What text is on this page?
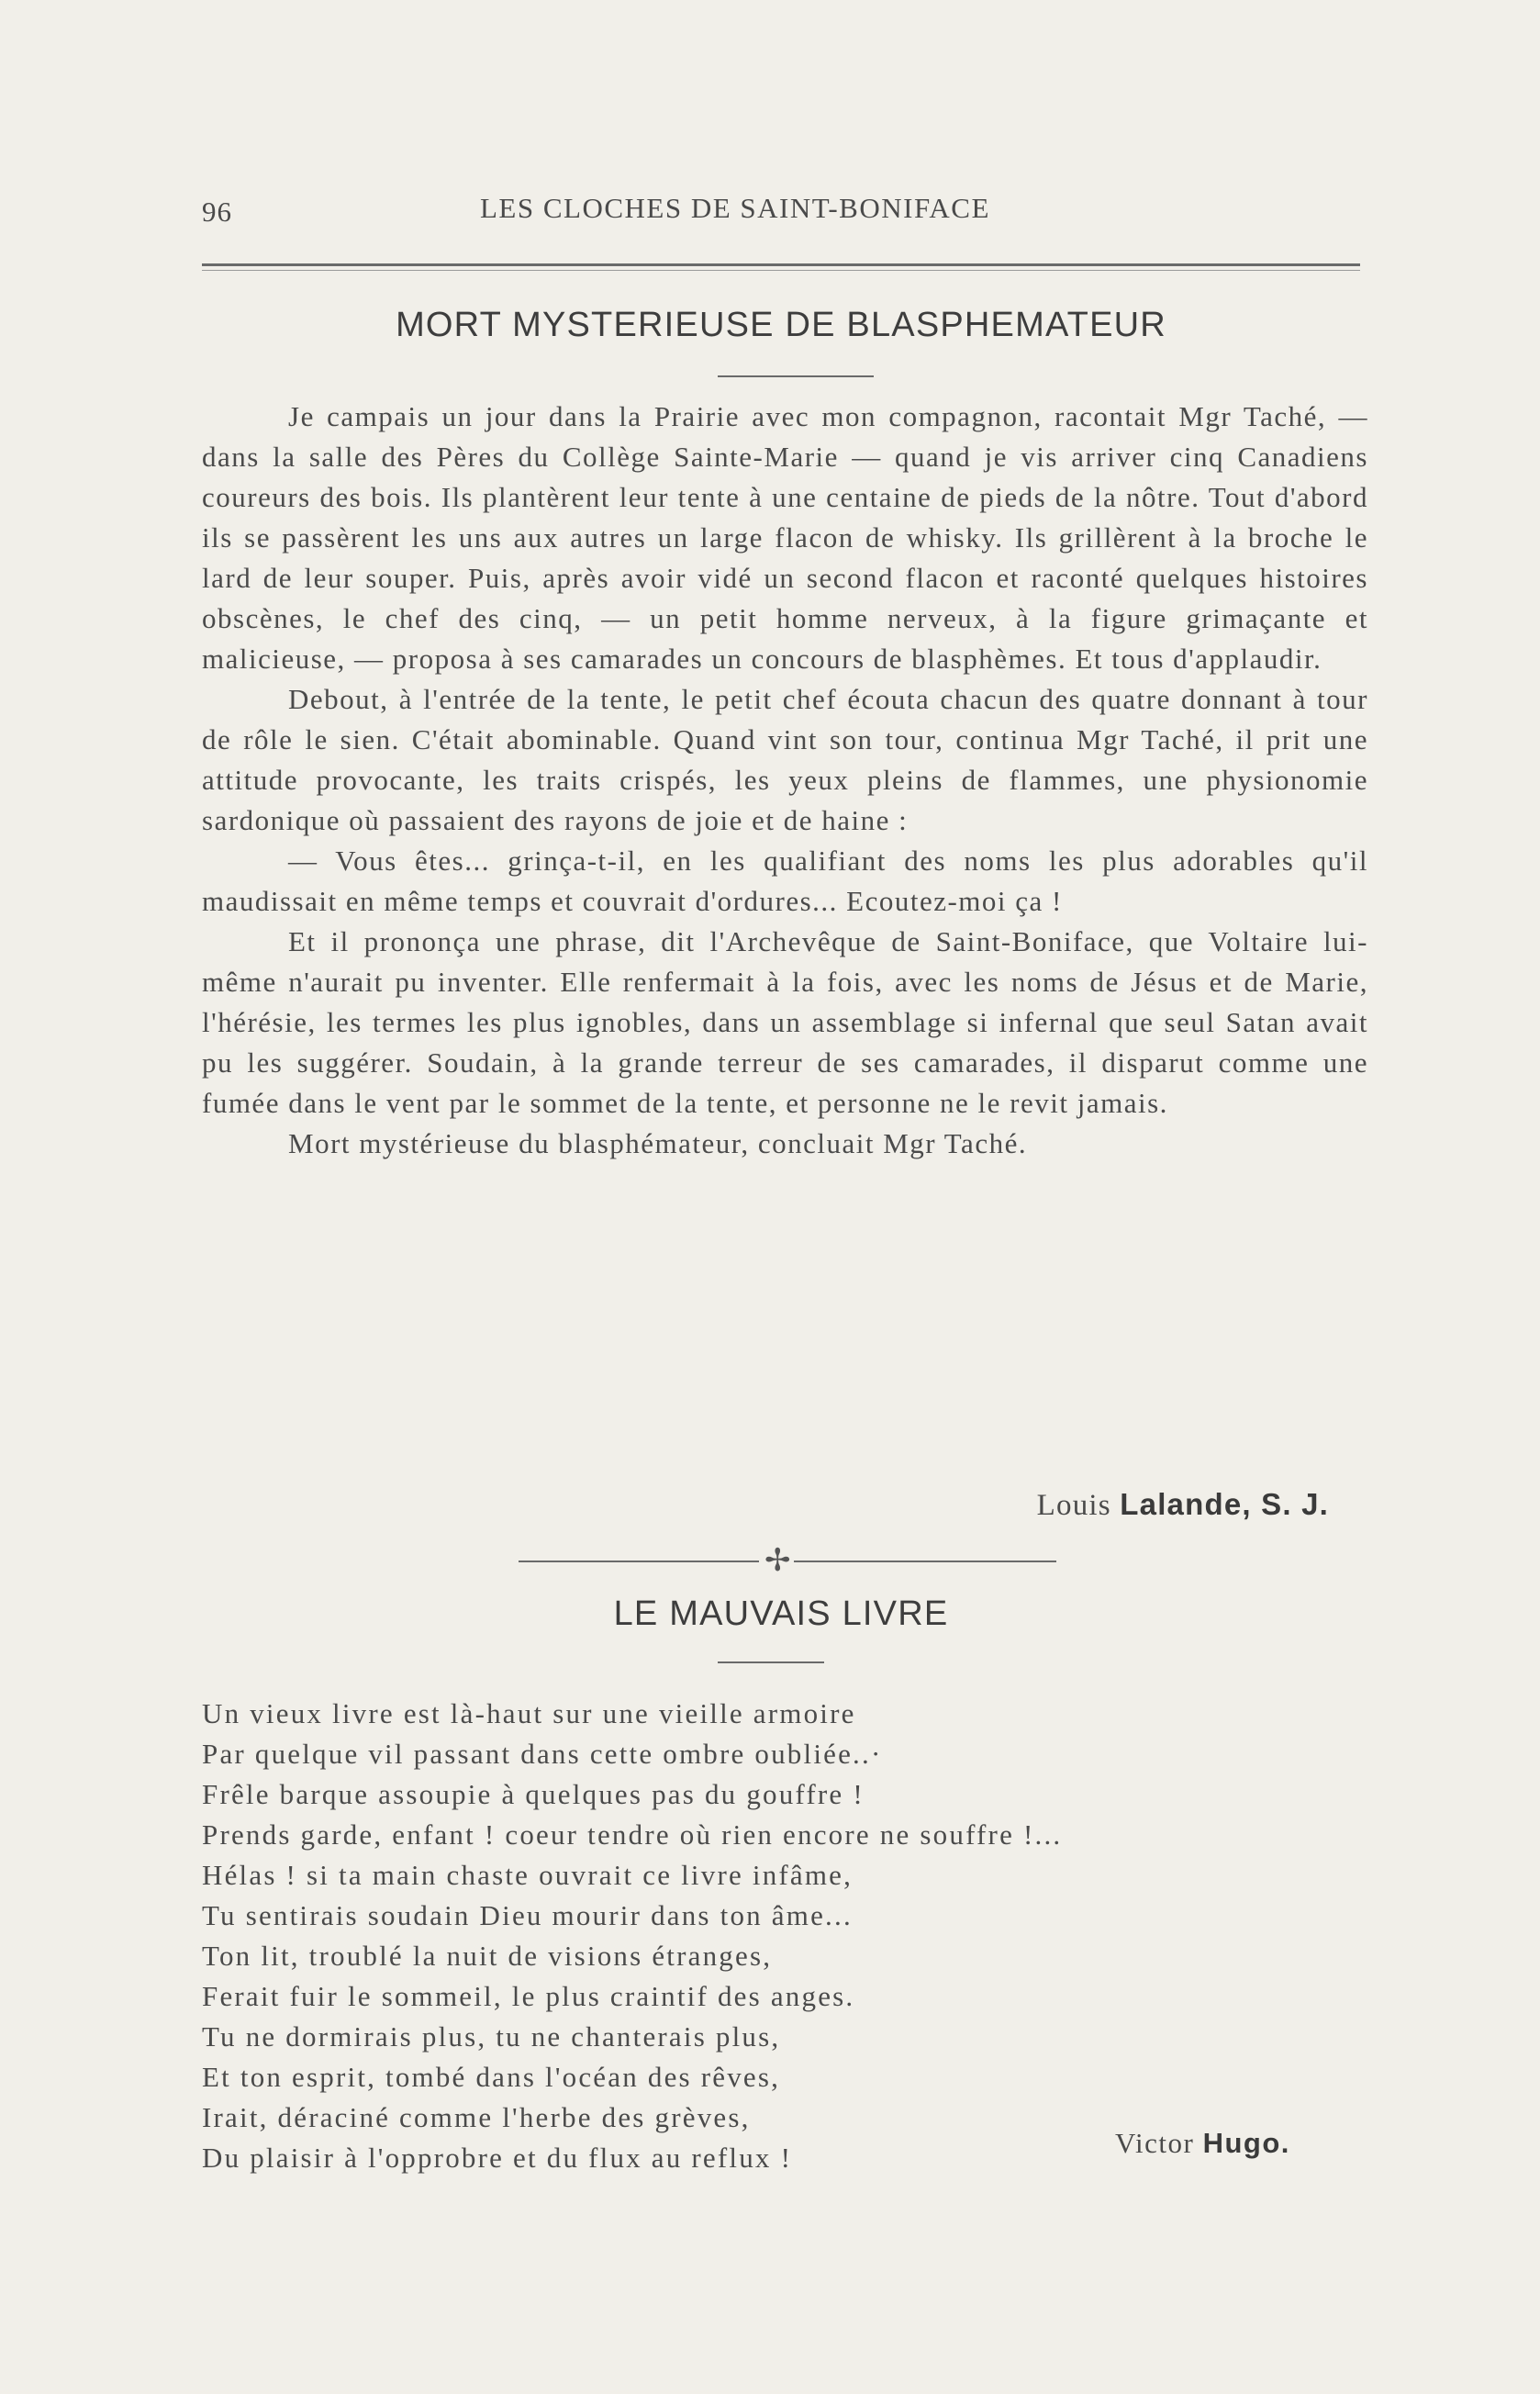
96	LES CLOCHES DE SAINT-BONIFACE
MORT MYSTERIEUSE DE BLASPHEMATEUR

Je campais un jour dans la Prairie avec mon compagnon, racontait Mgr Taché, — dans la salle des Pères du Collège Sainte-Marie — quand je vis arriver cinq Canadiens coureurs des bois. Ils plantèrent leur tente à une centaine de pieds de la nôtre. Tout d'abord ils se passèrent les uns aux autres un large flacon de whisky. Ils grillèrent à la broche le lard de leur souper. Puis, après avoir vidé un second flacon et raconté quelques histoires obscènes, le chef des cinq, — un petit homme nerveux, à la figure grimaçante et malicieuse, — proposa à ses camarades un concours de blasphèmes. Et tous d'applaudir.

Debout, à l'entrée de la tente, le petit chef écouta chacun des quatre donnant à tour de rôle le sien. C'était abominable. Quand vint son tour, continua Mgr Taché, il prit une attitude provocante, les traits crispés, les yeux pleins de flammes, une physionomie sardonique où passaient des rayons de joie et de haine :

— Vous êtes... grinça-t-il, en les qualifiant des noms les plus adorables qu'il maudissait en même temps et couvrait d'ordures... Ecoutez-moi ça !

Et il prononça une phrase, dit l'Archevêque de Saint-Boniface, que Voltaire lui-même n'aurait pu inventer. Elle renfermait à la fois, avec les noms de Jésus et de Marie, l'hérésie, les termes les plus ignobles, dans un assemblage si infernal que seul Satan avait pu les suggérer. Soudain, à la grande terreur de ses camarades, il disparut comme une fumée dans le vent par le sommet de la tente, et personne ne le revit jamais.

Mort mystérieuse du blasphémateur, concluait Mgr Taché.

Louis Lalande, S. J.
✢
LE MAUVAIS LIVRE
Un vieux livre est là-haut sur une vieille armoire
Par quelque vil passant dans cette ombre oubliée..·
Frêle barque assoupie à quelques pas du gouffre !
Prends garde, enfant ! coeur tendre où rien encore ne souffre !...
Hélas ! si ta main chaste ouvrait ce livre infâme,
Tu sentirais soudain Dieu mourir dans ton âme...
Ton lit, troublé la nuit de visions étranges,
Ferait fuir le sommeil, le plus craintif des anges.
Tu ne dormirais plus, tu ne chanterais plus,
Et ton esprit, tombé dans l'océan des rêves,
Irait, déraciné comme l'herbe des grèves,
Du plaisir à l'opprobre et du flux au reflux !	Victor Hugo.
